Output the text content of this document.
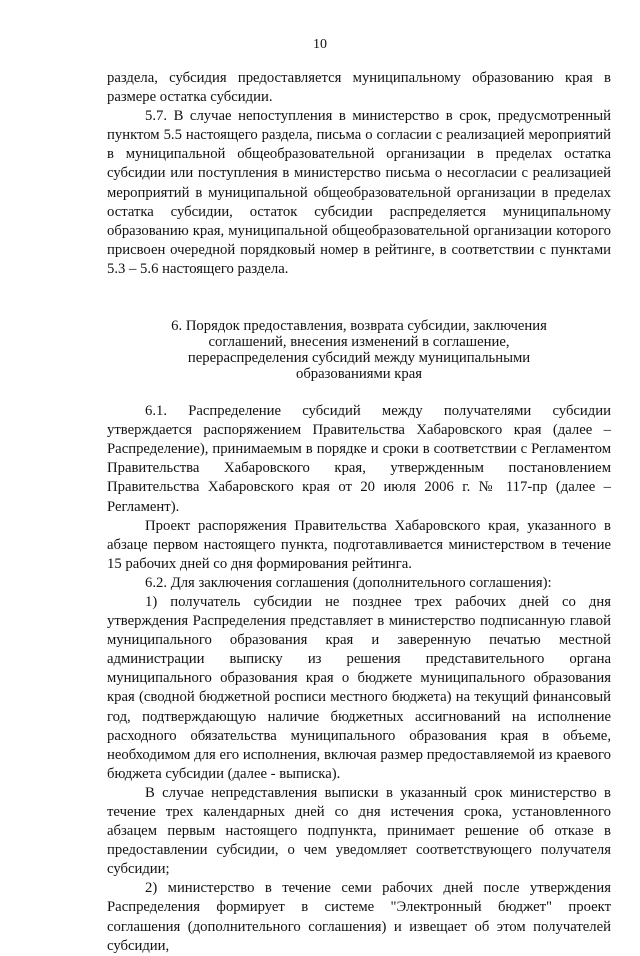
10

раздела, субсидия предоставляется муниципальному образованию края в размере остатка субсидии.

5.7. В случае непоступления в министерство в срок, предусмотренный пунктом 5.5 настоящего раздела, письма о согласии с реализацией мероприятий в муниципальной общеобразовательной организации в пределах остатка субсидии или поступления в министерство письма о несогласии с реализацией мероприятий в муниципальной общеобразовательной организации в пределах остатка субсидии, остаток субсидии распределяется муниципальному образованию края, муниципальной общеобразовательной организации которого присвоен очередной порядковый номер в рейтинге, в соответствии с пунктами 5.3 – 5.6 настоящего раздела.

6. Порядок предоставления, возврата субсидии, заключения
соглашений, внесения изменений в соглашение,
перераспределения субсидий между муниципальными
образованиями края

6.1. Распределение субсидий между получателями субсидии утверждается распоряжением Правительства Хабаровского края (далее – Распределение), принимаемым в порядке и сроки в соответствии с Регламентом Правительства Хабаровского края, утвержденным постановлением Правительства Хабаровского края от 20 июля 2006 г. № 117-пр (далее – Регламент).

Проект распоряжения Правительства Хабаровского края, указанного в абзаце первом настоящего пункта, подготавливается министерством в течение 15 рабочих дней со дня формирования рейтинга.

6.2. Для заключения соглашения (дополнительного соглашения):

1) получатель субсидии не позднее трех рабочих дней со дня утверждения Распределения представляет в министерство подписанную главой муниципального образования края и заверенную печатью местной администрации выписку из решения представительного органа муниципального образования края о бюджете муниципального образования края (сводной бюджетной росписи местного бюджета) на текущий финансовый год, подтверждающую наличие бюджетных ассигнований на исполнение расходного обязательства муниципального образования края в объеме, необходимом для его исполнения, включая размер предоставляемой из краевого бюджета субсидии (далее - выписка).

В случае непредставления выписки в указанный срок министерство в течение трех календарных дней со дня истечения срока, установленного абзацем первым настоящего подпункта, принимает решение об отказе в предоставлении субсидии, о чем уведомляет соответствующего получателя субсидии;

2) министерство в течение семи рабочих дней после утверждения Распределения формирует в системе "Электронный бюджет" проект соглашения (дополнительного соглашения) и извещает об этом получателей субсидии,
